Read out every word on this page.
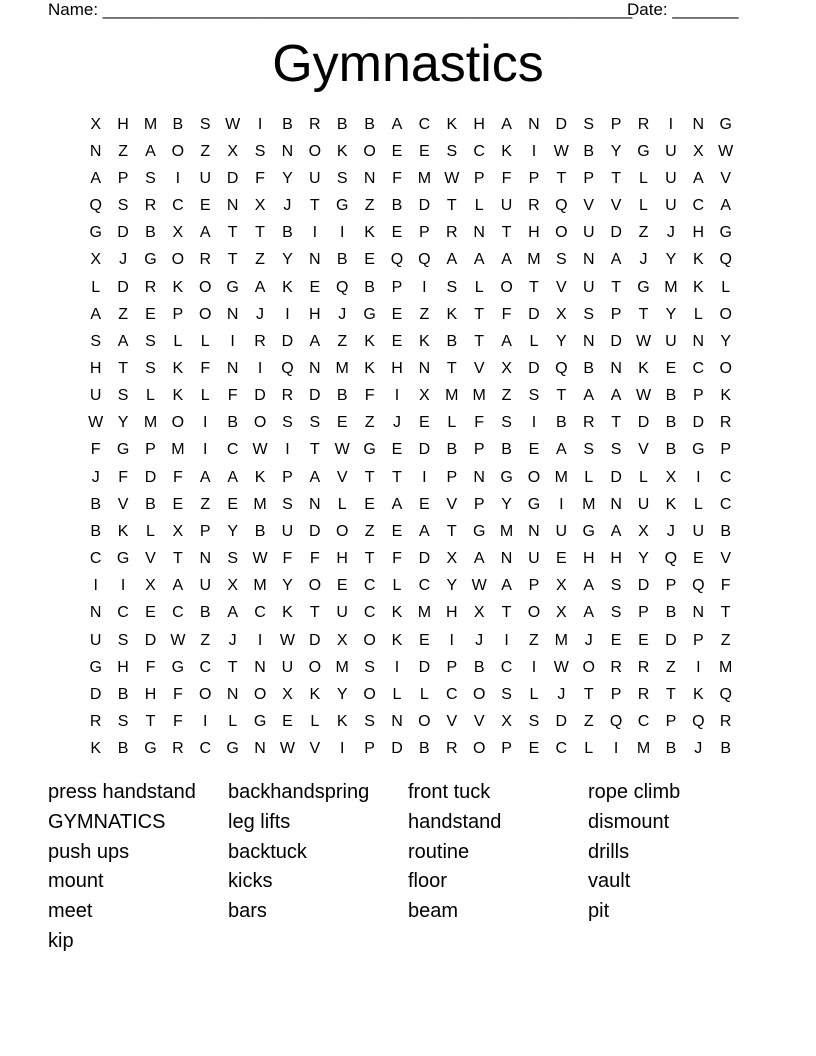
Name: ________________________________________________________
Date: _______
Gymnastics
X	H M B	S W	I	B	R	B	B	A	C	K	H	A	N D	S	P	R	I	N G
N	Z	A O	Z	X	S	N O K O E	E	S	C	K	I	W B	Y G U	X W
A	P	S	I	U D	F	Y	U	S	N	F M W P	F	P	T	P	T	L	U	A	V
Q S	R C	E	N	X	J	T	G	Z	B	D	T	L	U R Q V	V	L	U C	A
G D	B	X	A	T	T	B	I	I	K	E	P	R N	T	H O U D	Z	J	H G
X	J	G O R	T	Z	Y	N	B	E Q Q A	A	A M S	N	A	J	Y	K Q
L	D R	K O G A	K	E Q B	P	I	S	L	O	T	V	U	T	G M K	L
A	Z	E	P O N	J	I	H	J	G E	Z	K	T	F	D	X	S	P	T	Y	L	O
S	A	S	L	L	I	R D	A	Z	K	E	K	B	T	A	L	Y	N D W U N	Y
H	T	S	K	F	N	I	Q N M K	H N	T	V	X	D Q B	N	K	E	C O
U	S	L	K	L	F	D R D	B	F	I	X M M Z	S	T	A	A W B	P	K
W Y M O	I	B O S	S	E	Z	J	E	L	F	S	I	B	R	T	D	B	D R
F	G P M	I	C W	I	T W G E	D	B	P	B	E	A	S	S	V	B G P
J	F	D	F	A	A	K	P	A	V	T	T	I	P	N G O M	L	D	L	X	I	C
B	V	B	E	Z	E M S	N	L	E	A	E	V	P	Y G	I	M N U	K	L	C
B	K	L	X	P	Y	B	U D O	Z	E	A	T	G M N U G A	X	J	U	B
C G V	T	N	S W F	F	H	T	F	D	X	A	N U	E	H H	Y Q E	V
I	I	X	A	U	X M Y O E	C	L	C	Y W A	P	X	A	S	D	P Q	F
N C	E	C	B	A	C	K	T	U C	K M H	X	T	O X	A	S	P	B	N	T
U	S	D W Z	J	I	W D	X O K	E	I	J	I	Z M	J	E	E	D	P	Z
G H	F	G C	T	N U O M S	I	D	P	B	C	I	W O R R	Z	I	M
D	B	H	F	O N O X	K	Y O	L	L	C O S	L	J	T	P	R	T	K Q
R	S	T	F	I	L	G E	L	K	S	N O V	V	X	S	D	Z	Q C	P Q R
K	B G R C G N W V	I	P	D	B	R O P	E	C	L	I	M B	J	B
press handstand	backhandspring	front tuck	rope climb
GYMNATICS	leg lifts	handstand	dismount
push ups	backtuck	routine	drills
mount	kicks	floor	vault
meet	bars	beam	pit
kip
